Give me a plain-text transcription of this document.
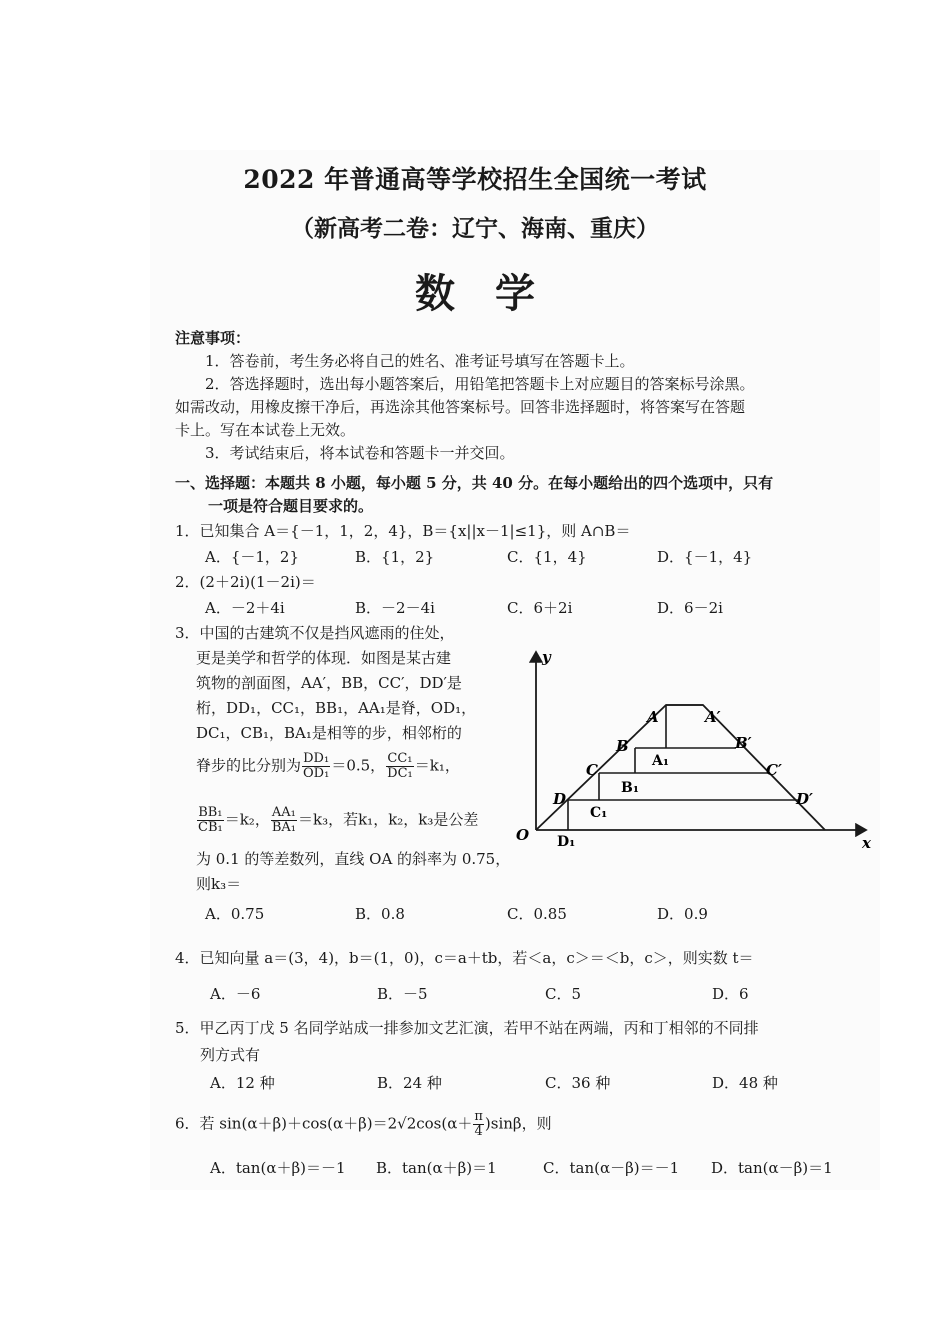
2022 年普通高等学校招生全国统一考试
（新高考二卷：辽宁、海南、重庆）
数　学
注意事项：
1．答卷前，考生务必将自己的姓名、准考证号填写在答题卡上。
2．答选择题时，选出每小题答案后，用铅笔把答题卡上对应题目的答案标号涂黑。
如需改动，用橡皮擦干净后，再选涂其他答案标号。回答非选择题时，将答案写在答题
卡上。写在本试卷上无效。
3．考试结束后，将本试卷和答题卡一并交回。
一、选择题：本题共 8 小题，每小题 5 分，共 40 分。在每小题给出的四个选项中，只有
一项是符合题目要求的。
1．已知集合 A＝{－1，1，2，4}，B＝{x||x－1|≤1}，则 A∩B＝
A．{－1，2}	B．{1，2}	C．{1，4}	D．{－1，4}
2．(2＋2i)(1－2i)＝
A．－2＋4i	B．－2－4i	C．6＋2i	D．6－2i
3．中国的古建筑不仅是挡风遮雨的住处，
更是美学和哲学的体现．如图是某古建
筑物的剖面图，AA′，BB，CC′，DD′是
桁，DD₁，CC₁，BB₁，AA₁是脊，OD₁，
DC₁，CB₁，BA₁是相等的步，相邻桁的
脊步的比分别为 $\frac{\text{DD₁}}{\text{OD₁}} =0.5$， $\frac{\text{CC₁}}{\text{DC₁}} =k_1$，
$\frac{\text{BB₁}}{\text{CB₁}} =k_2$， $\frac{\text{AA₁}}{\text{BA₁}} =k_3$，若k₁，k₂，k₃是公差
为 0.1 的等差数列，直线 OA 的斜率为 0.75，
则k₃＝
A．0.75	B．0.8	C．0.85	D．0.9
y
x
O
A	A′
B	B′
C	C′
D	D′
A₁
B₁
C₁
D₁
4．已知向量 a＝(3，4)，b＝(1，0)，c＝a＋tb，若＜a，c＞＝＜b，c＞，则实数 t＝
A．－6	B．－5	C．5	D．6
5．甲乙丙丁戊 5 名同学站成一排参加文艺汇演，若甲不站在两端，丙和丁相邻的不同排
列方式有
A．12 种	B．24 种	C．36 种	D．48 种
6．若 $\sin(\alpha+\beta)+\cos(\alpha+\beta)=2√2\cos(\alpha+ \frac{\pi}{4} )\sin\beta$，则
A．tan(α＋β)＝－1 B．tan(α＋β)＝1	C．tan(α－β)＝－1 D．tan(α－β)＝1
